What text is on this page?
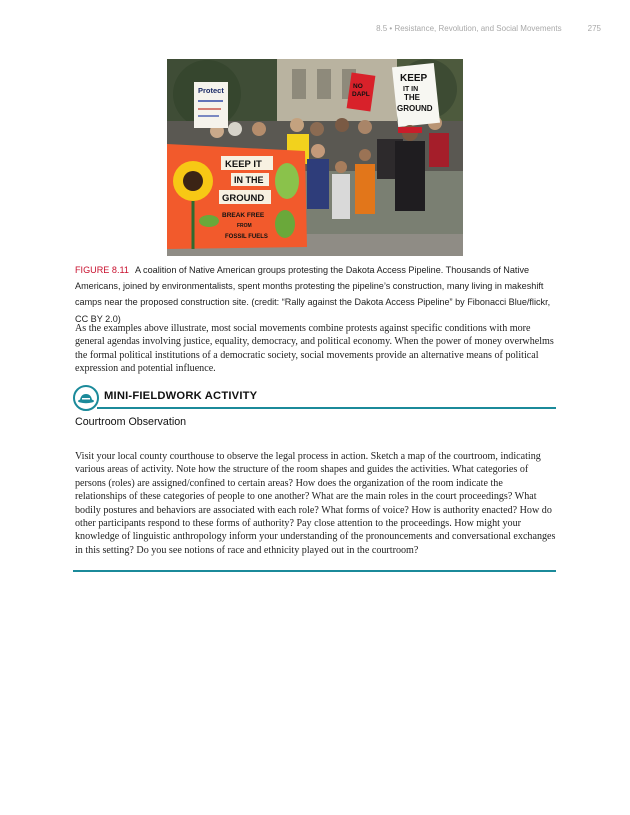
8.5 • Resistance, Revolution, and Social Movements	275
Protect	NO
DAPL
KEEP
IT IN
THE
GROUND
KEEP IT
IN THE
GROUND
BREAK FREE
FROM
FOSSIL FUELS
FIGURE 8.11 A coalition of Native American groups protesting the Dakota Access Pipeline. Thousands of Native Americans, joined by environmentalists, spent months protesting the pipeline’s construction, many living in makeshift camps near the proposed construction site. (credit: “Rally against the Dakota Access Pipeline” by Fibonacci Blue/flickr, CC BY 2.0)
As the examples above illustrate, most social movements combine protests against specific conditions with more general agendas involving justice, equality, democracy, and political economy. When the power of money overwhelms the formal political institutions of a democratic society, social movements provide an alternative means of political expression and potential influence.
MINI-FIELDWORK ACTIVITY
Courtroom Observation
Visit your local county courthouse to observe the legal process in action. Sketch a map of the courtroom, indicating various areas of activity. Note how the structure of the room shapes and guides the activities. What categories of persons (roles) are assigned/confined to certain areas? How does the organization of the room indicate the relationships of these categories of people to one another? What are the main roles in the court proceedings? What bodily postures and behaviors are associated with each role? What forms of voice? How is authority enacted? How do other participants respond to these forms of authority? Pay close attention to the proceedings. How might your knowledge of linguistic anthropology inform your understanding of the pronouncements and conversational exchanges in this setting? Do you see notions of race and ethnicity played out in the courtroom?
